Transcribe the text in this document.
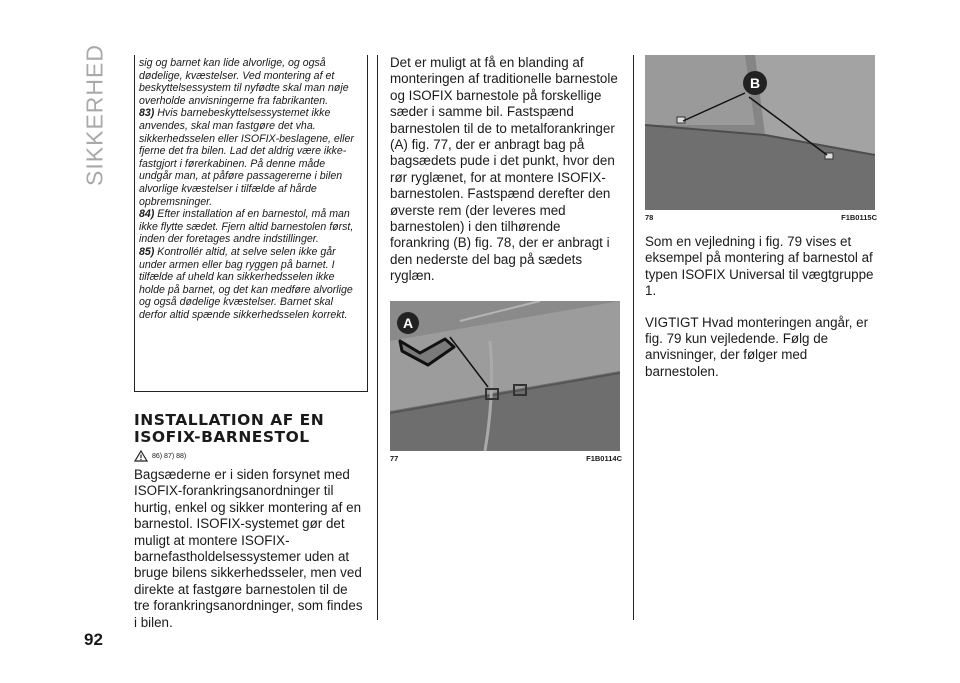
SIKKERHED	sig og barnet kan lide alvorlige, og også dødelige, kvæstelser. Ved montering af et beskyttelsessystem til nyfødte skal man nøje overholde anvisningerne fra fabrikanten.

83) Hvis barnebeskyttelsessystemet ikke anvendes, skal man fastgøre det vha. sikkerhedsselen eller ISOFIX-beslagene, eller fjerne det fra bilen. Lad det aldrig være ikke-fastgjort i førerkabinen. På denne måde undgår man, at påføre passagererne i bilen alvorlige kvæstelser i tilfælde af hårde opbremsninger.

84) Efter installation af en barnestol, må man ikke flytte sædet. Fjern altid barnestolen først, inden der foretages andre indstillinger.

85) Kontrollér altid, at selve selen ikke går under armen eller bag ryggen på barnet. I tilfælde af uheld kan sikkerhedsselen ikke holde på barnet, og det kan medføre alvorlige og også dødelige kvæstelser. Barnet skal derfor altid spænde sikkerhedsselen korrekt.

INSTALLATION AF EN ISOFIX-BARNESTOL
86) 87) 88)

Bagsæderne er i siden forsynet med ISOFIX-forankringsanordninger til hurtig, enkel og sikker montering af en barnestol. ISOFIX-systemet gør det muligt at montere ISOFIX-barnefastholdelsessystemer uden at bruge bilens sikkerhedsseler, men ved direkte at fastgøre barnestolen til de tre forankringsanordninger, som findes i bilen.

Det er muligt at få en blanding af monteringen af traditionelle barnestole og ISOFIX barnestole på forskellige sæder i samme bil. Fastspænd barnestolen til de to metalforankringer (A) fig. 77, der er anbragt bag på bagsædets pude i det punkt, hvor den rør ryglænet, for at montere ISOFIX-barnestolen. Fastspænd derefter den øverste rem (der leveres med barnestolen) i den tilhørende forankring (B) fig. 78, der er anbragt i den nederste del bag på sædets ryglæn.

A
77	F1B0114C
B
78	F1B0115C

Som en vejledning i fig. 79 vises et eksempel på montering af barnestol af typen ISOFIX Universal til vægtgruppe 1.

VIGTIGT Hvad monteringen angår, er fig. 79 kun vejledende. Følg de anvisninger, der følger med barnestolen.

92
